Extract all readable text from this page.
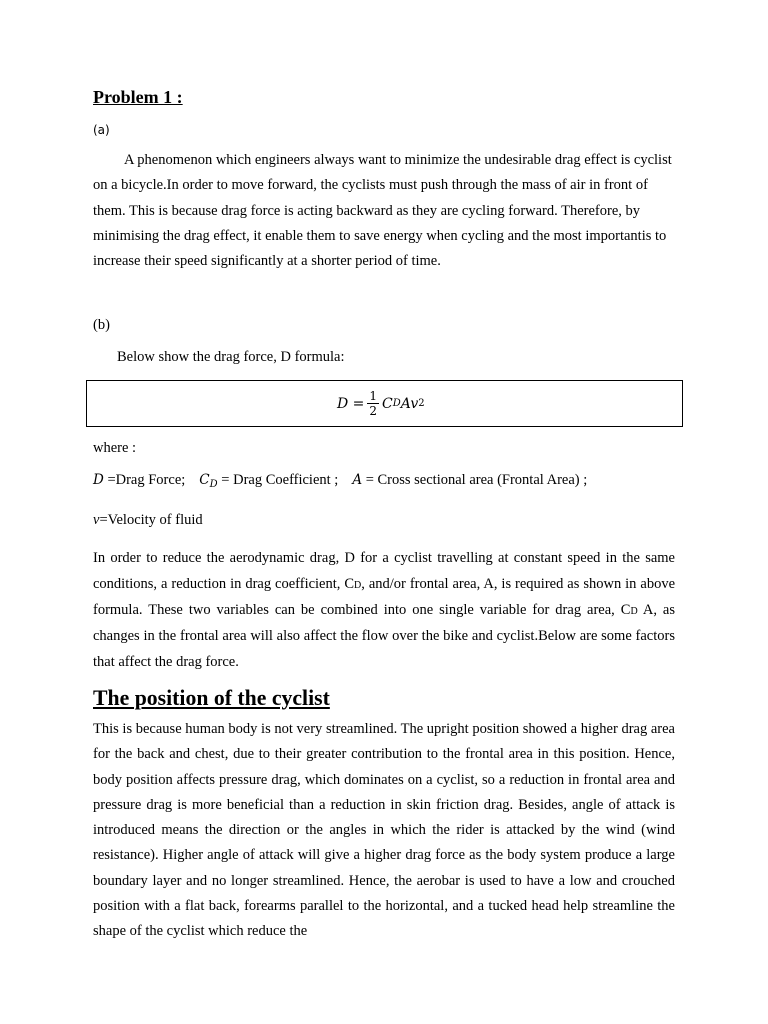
Problem 1 :
(a)

A phenomenon which engineers always want to minimize the undesirable drag effect is cyclist on a bicycle.In order to move forward, the cyclists must push through the mass of air in front of them. This is because drag force is acting backward as they are cycling forward. Therefore, by minimising the drag effect, it enable them to save energy when cycling and the most importantis to increase their speed significantly at a shorter period of time.

(b)

Below show the drag force, D formula:

$D = \frac{1}{2}$ C D Av 2

where :

D =Drag Force; $C_D$ = Drag Coefficient ; A = Cross sectional area (Frontal Area) ;

v=Velocity of fluid

In order to reduce the aerodynamic drag, D for a cyclist travelling at constant speed in the same conditions, a reduction in drag coefficient, CD, and/or frontal area, A, is required as shown in above formula. These two variables can be combined into one single variable for drag area, CD A, as changes in the frontal area will also affect the flow over the bike and cyclist.Below are some factors that affect the drag force.

The position of the cyclist

This is because human body is not very streamlined. The upright position showed a higher drag area for the back and chest, due to their greater contribution to the frontal area in this position. Hence, body position affects pressure drag, which dominates on a cyclist, so a reduction in frontal area and pressure drag is more beneficial than a reduction in skin friction drag. Besides, angle of attack is introduced means the direction or the angles in which the rider is attacked by the wind (wind resistance). Higher angle of attack will give a higher drag force as the body system produce a large boundary layer and no longer streamlined. Hence, the aerobar is used to have a low and crouched position with a flat back, forearms parallel to the horizontal, and a tucked head help streamline the shape of the cyclist which reduce the
